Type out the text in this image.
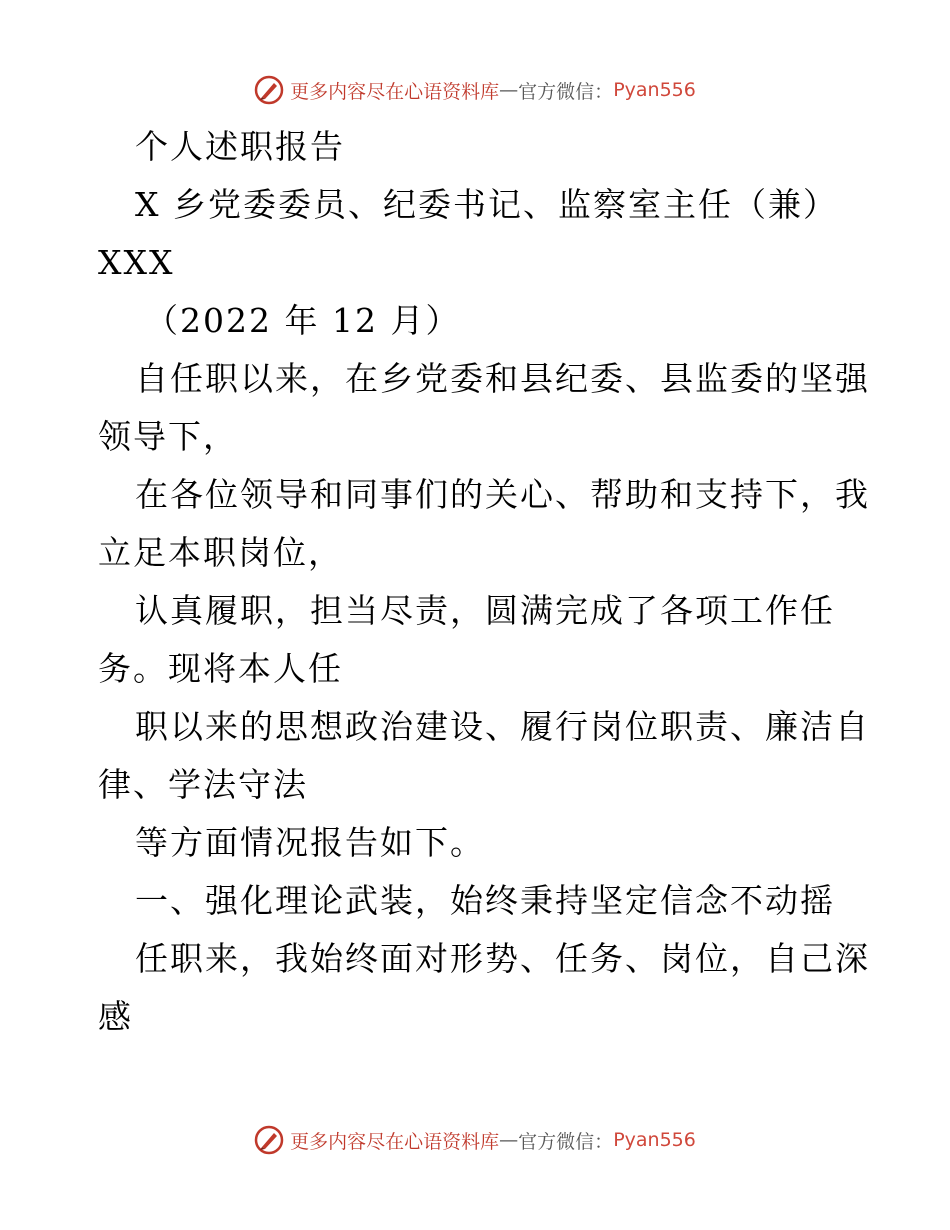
更多内容尽在心语资料库 — 官方微信： Pyan556
个人述职报告
X 乡党委委员、纪委书记、监察室主任（兼）
XXX
（2022 年 12 月）
自任职以来，在乡党委和县纪委、县监委的坚强
领导下，
在各位领导和同事们的关心、帮助和支持下，我
立足本职岗位，
认真履职，担当尽责，圆满完成了各项工作任
务。现将本人任
职以来的思想政治建设、履行岗位职责、廉洁自
律、学法守法
等方面情况报告如下。
一、强化理论武装，始终秉持坚定信念不动摇
任职来，我始终面对形势、任务、岗位，自己深
感
更多内容尽在心语资料库 — 官方微信： Pyan556
